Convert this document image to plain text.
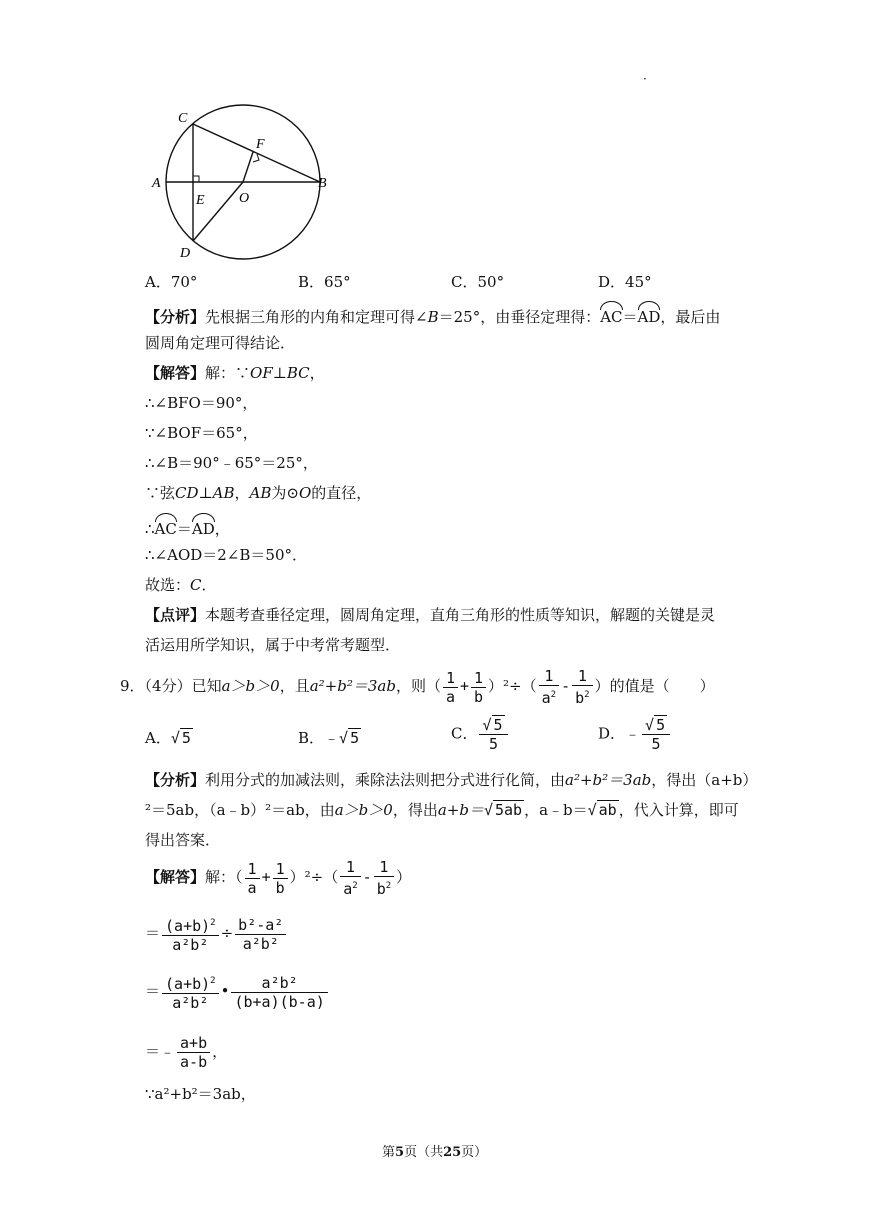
·
C
F
A	B
E O
D
A．70°	B．65°	C．50°	D．45°
【分析】先根据三角形的内角和定理可得∠B＝25°，由垂径定理得：AC＝AD，最后由
圆周角定理可得结论．
【解答】解：∵OF⊥BC，
∴∠BFO＝90°，
∵∠BOF＝65°，
∴∠B＝90°﹣65°＝25°，
∵弦CD⊥AB，AB为⊙O的直径，
∴AC＝AD，
∴∠AOD＝2∠B＝50°．
故选：C．
【点评】本题考查垂径定理，圆周角定理，直角三角形的性质等知识，解题的关键是灵
活运用所学知识，属于中考常考题型．
9．（4分）已知a＞b＞0，且a²+b²＝3ab，则（ $\frac{1}{a} + \frac{1}{b} )^2\div( \frac{1}{a^2} - \frac{1}{b^2}$ ）的值是（　　）
A．√ 5	B．﹣√ 5	C． $\frac{√ 5}{5}$	D．﹣ $\frac{√ 5}{5}$
【分析】利用分式的加减法则，乘除法法则把分式进行化简，由a²+b²＝3ab，得出（a+b）
²＝5ab，（a﹣b）²＝ab，由a＞b＞0，得出a+b＝√ 5ab ，a﹣b＝√ ab ，代入计算，即可
得出答案．
【解答】解：（ $\frac{1}{a} + \frac{1}{b} )^2\div( \frac{1}{a^2} - \frac{1}{b^2}$ ）
＝ $\frac{(a+b)^2}{\text{a²b²}} \div \frac{\text{b²-a²}}{\text{a²b²}}$
＝ $\frac{(a+b)^2}{\text{a²b²}}$ • $\frac{\text{a²b²}}{(b+a)(b-a)}$
＝﹣ $\frac{a+b}{a-b}$ ，
∵a²+b²＝3ab，
第5页（共25页）
